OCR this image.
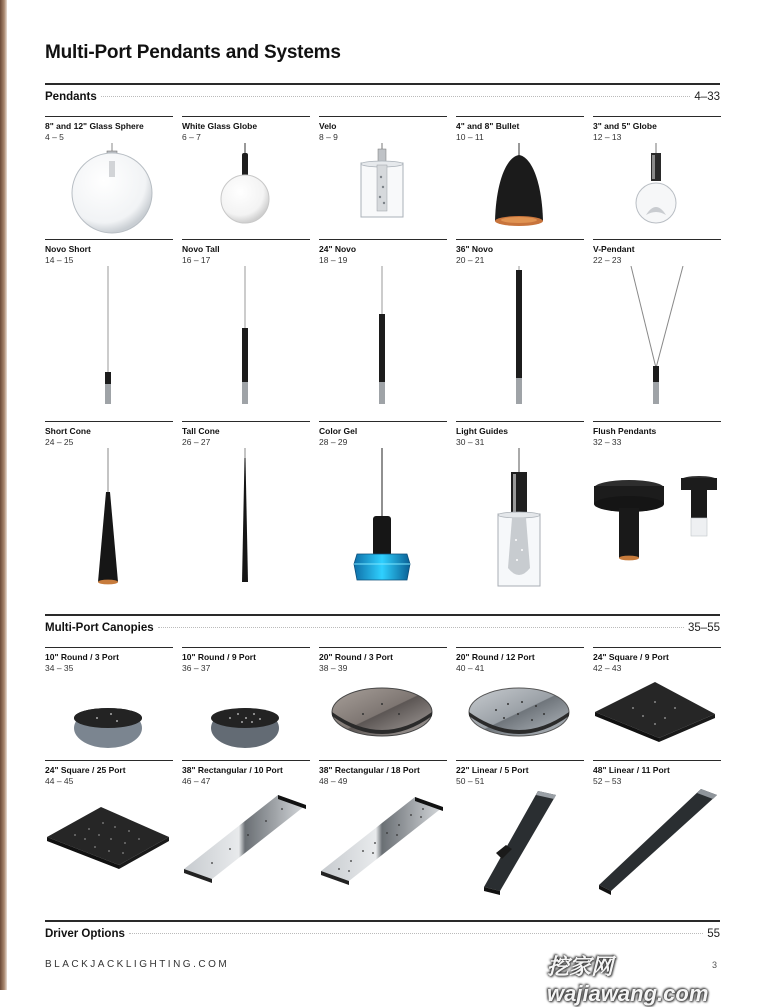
Multi-Port Pendants and Systems
Pendants	4–33
8" and 12" Glass Sphere
4 – 5
White Glass Globe
6 – 7
Velo
8 – 9
4" and 8" Bullet
10 – 11
3" and 5" Globe
12 – 13
Novo Short
14 – 15
Novo Tall
16 – 17
24" Novo
18 – 19
36" Novo
20 – 21
V-Pendant
22 – 23
Short Cone
24 – 25
Tall Cone
26 – 27
Color Gel
28 – 29
Light Guides
30 – 31
Flush Pendants
32 – 33
Multi-Port Canopies	35–55
10" Round / 3 Port
34 – 35
10" Round / 9 Port
36 – 37
20" Round / 3 Port
38 – 39
20" Round / 12 Port
40 – 41
24" Square / 9 Port
42 – 43
24" Square / 25 Port
44 – 45
38" Rectangular / 10 Port
46 – 47
38" Rectangular / 18 Port
48 – 49
22" Linear / 5 Port
50 – 51
48" Linear / 11 Port
52 – 53
Driver Options	55
BLACKJACKLIGHTING.COM	挖家网 wajiawang.com
3
